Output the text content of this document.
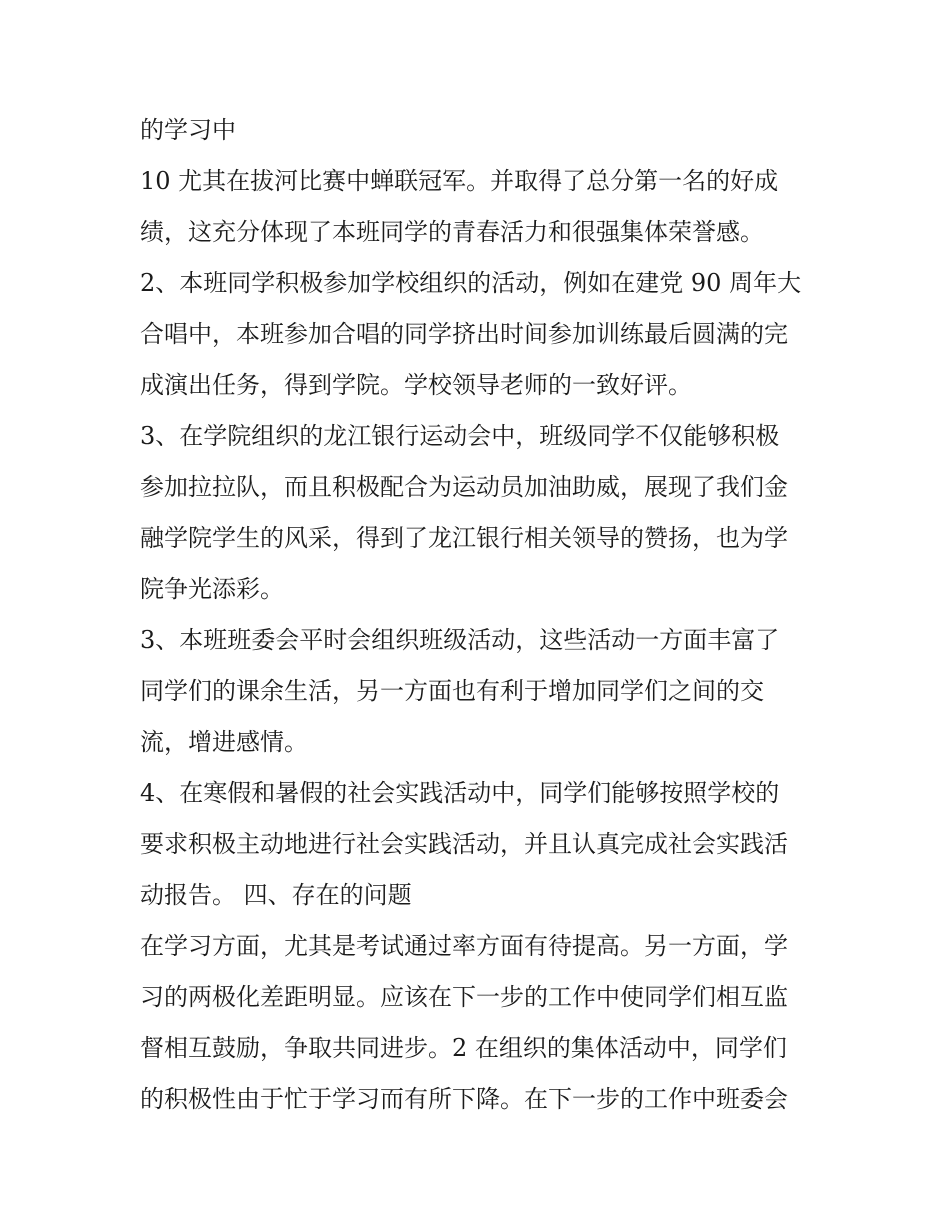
的学习中

10 尤其在拔河比赛中蝉联冠军。并取得了总分第一名的好成

绩，这充分体现了本班同学的青春活力和很强集体荣誉感。

2、本班同学积极参加学校组织的活动，例如在建党 90 周年大

合唱中，本班参加合唱的同学挤出时间参加训练最后圆满的完

成演出任务，得到学院。学校领导老师的一致好评。

3、在学院组织的龙江银行运动会中，班级同学不仅能够积极

参加拉拉队，而且积极配合为运动员加油助威，展现了我们金

融学院学生的风采，得到了龙江银行相关领导的赞扬，也为学

院争光添彩。

3、本班班委会平时会组织班级活动，这些活动一方面丰富了

同学们的课余生活，另一方面也有利于增加同学们之间的交

流，增进感情。

4、在寒假和暑假的社会实践活动中，同学们能够按照学校的

要求积极主动地进行社会实践活动，并且认真完成社会实践活

动报告。 四、存在的问题

在学习方面，尤其是考试通过率方面有待提高。另一方面，学

习的两极化差距明显。应该在下一步的工作中使同学们相互监

督相互鼓励，争取共同进步。2 在组织的集体活动中，同学们

的积极性由于忙于学习而有所下降。在下一步的工作中班委会
